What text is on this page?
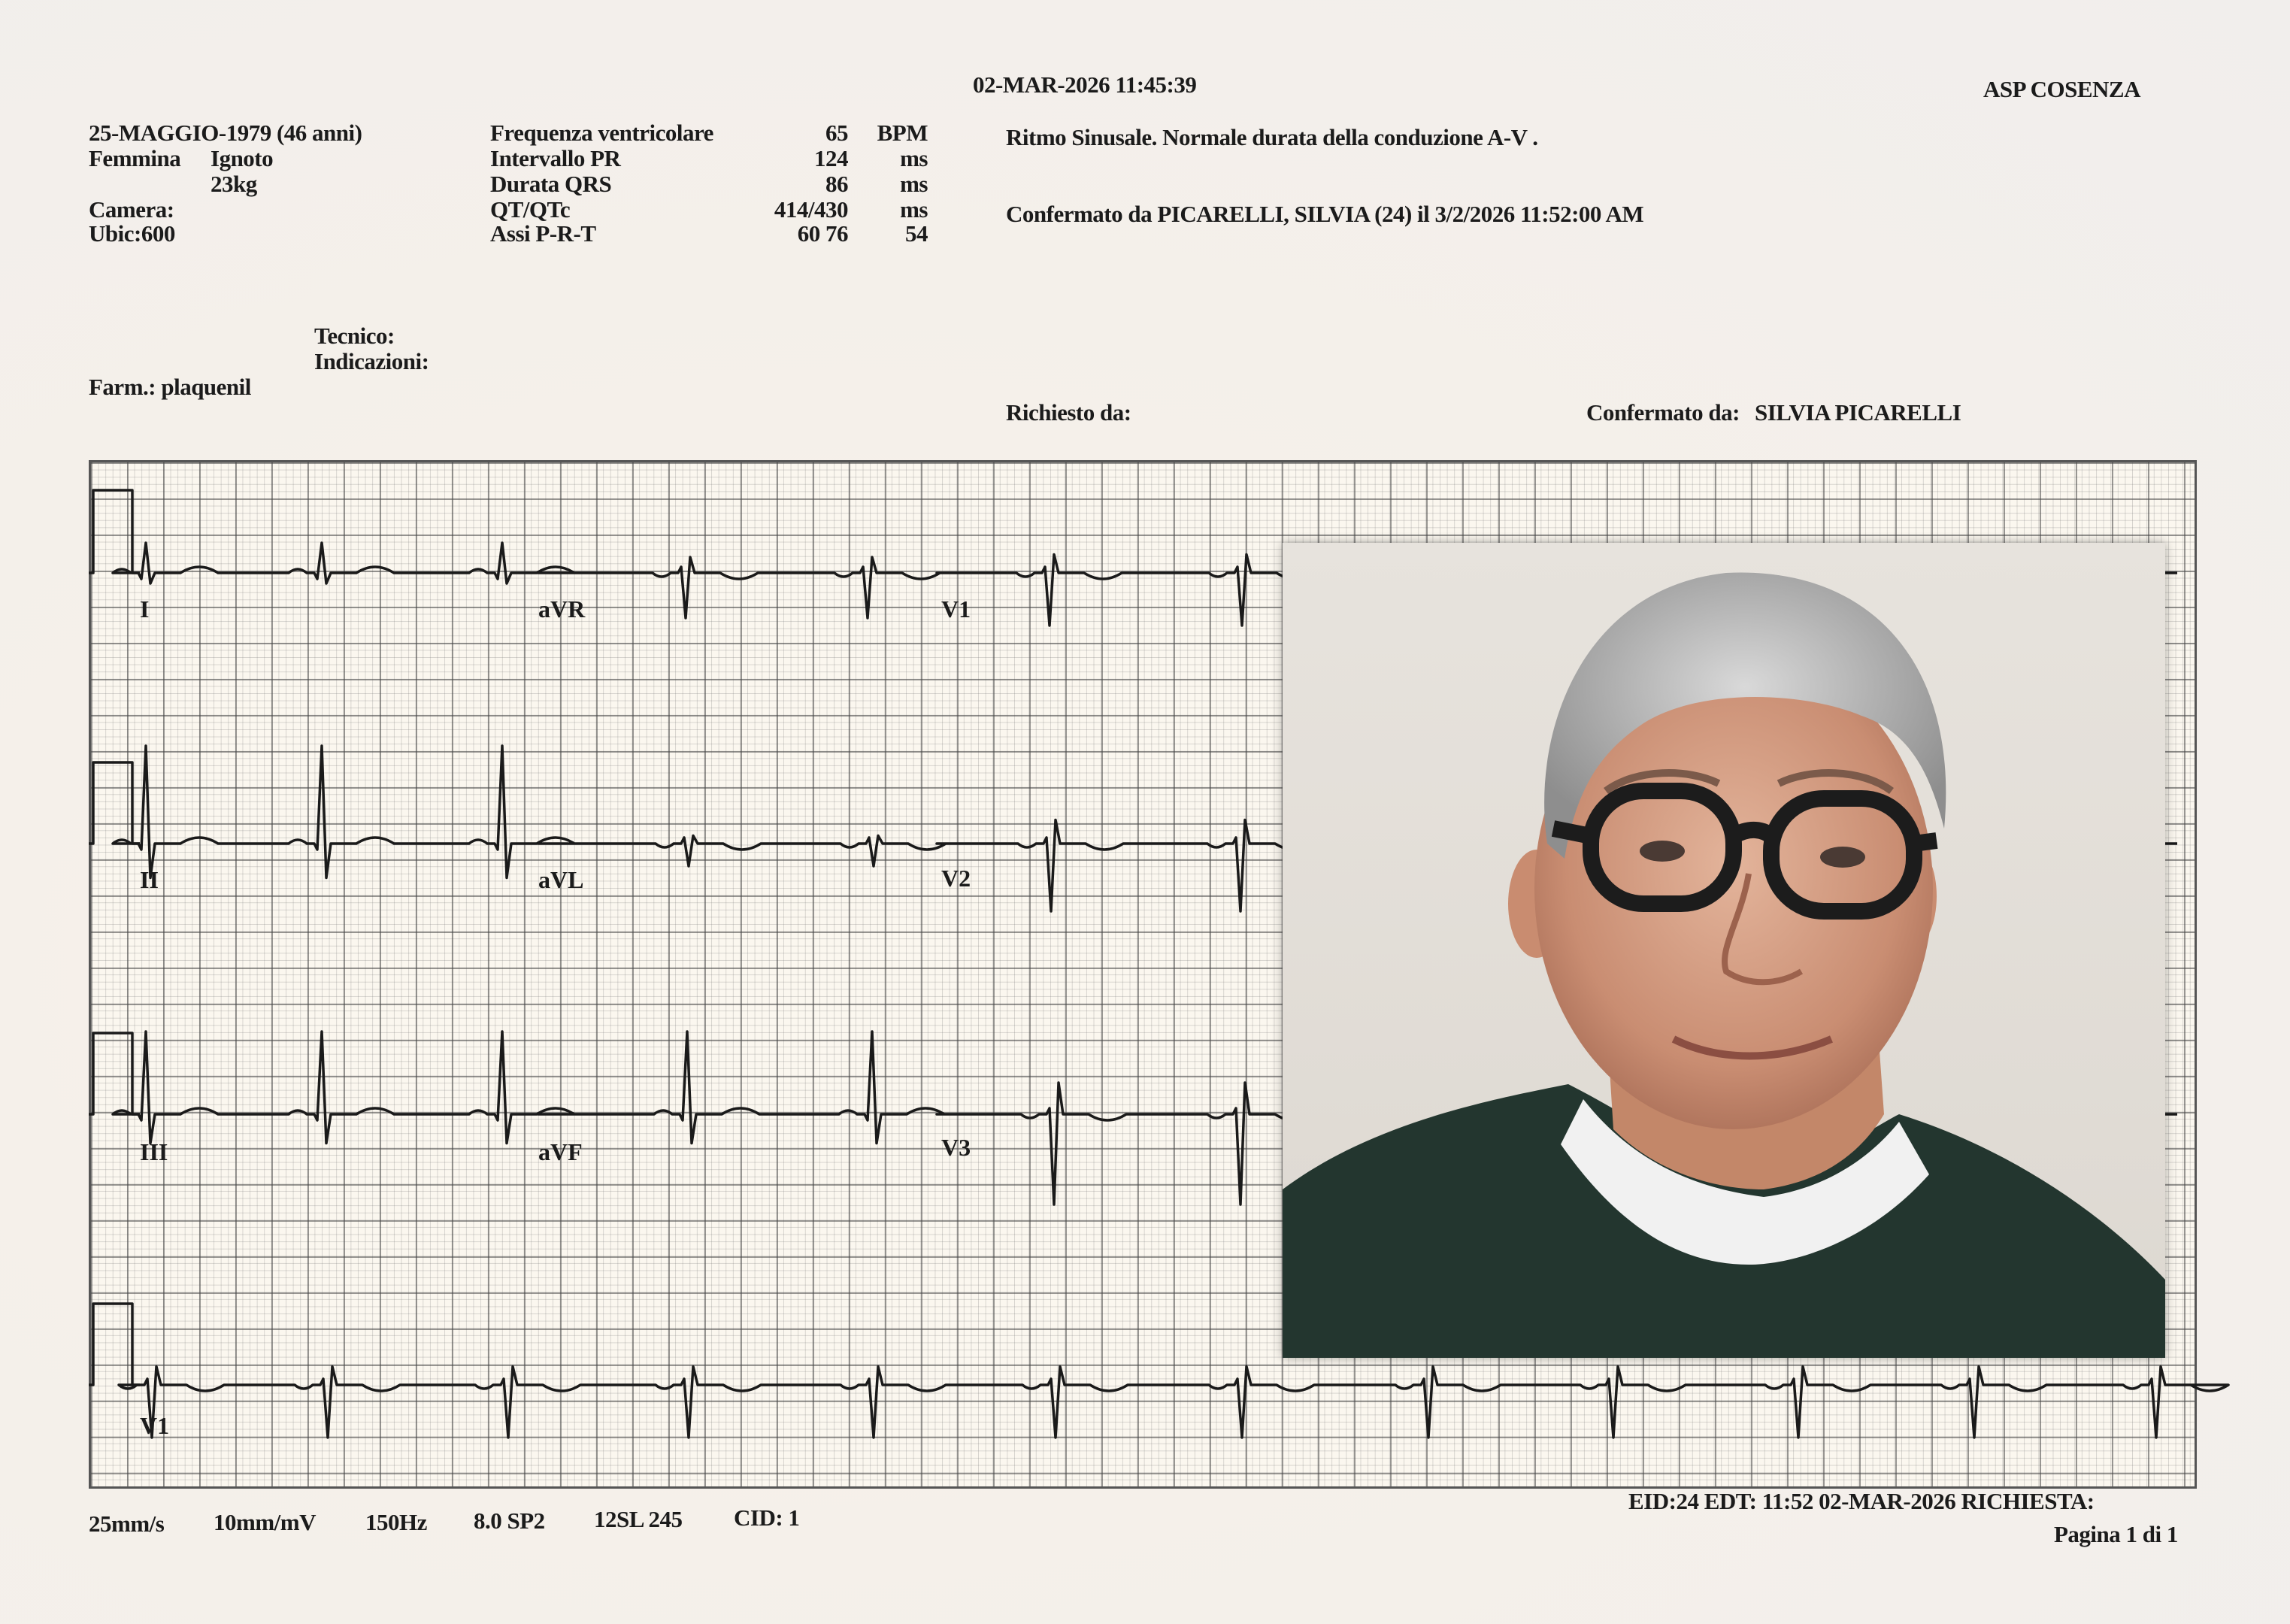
02-MAR-2026 11:45:39	ASP COSENZA
25-MAGGIO-1979 (46 anni)
Femmina Ignoto
23kg
Camera:
Ubic:600
Frequenza ventricolare	65	BPM
Intervallo PR	124	ms
Durata QRS	86	ms
QT/QTc	414/430	ms
Assi P-R-T	60 76	54
Ritmo Sinusale. Normale durata della conduzione A-V .
Confermato da PICARELLI, SILVIA (24) il 3/2/2026 11:52:00 AM
Tecnico:
Indicazioni:
Farm.: plaquenil
Richiesto da:	Confermato da: SILVIA PICARELLI
I	aVR	V1
II	aVL	V2
III	aVF	V3
V1
25mm/s 10mm/mV 150Hz 8.0 SP2 12SL 245 CID: 1
EID:24 EDT: 11:52 02-MAR-2026 RICHIESTA:
Pagina 1 di 1
